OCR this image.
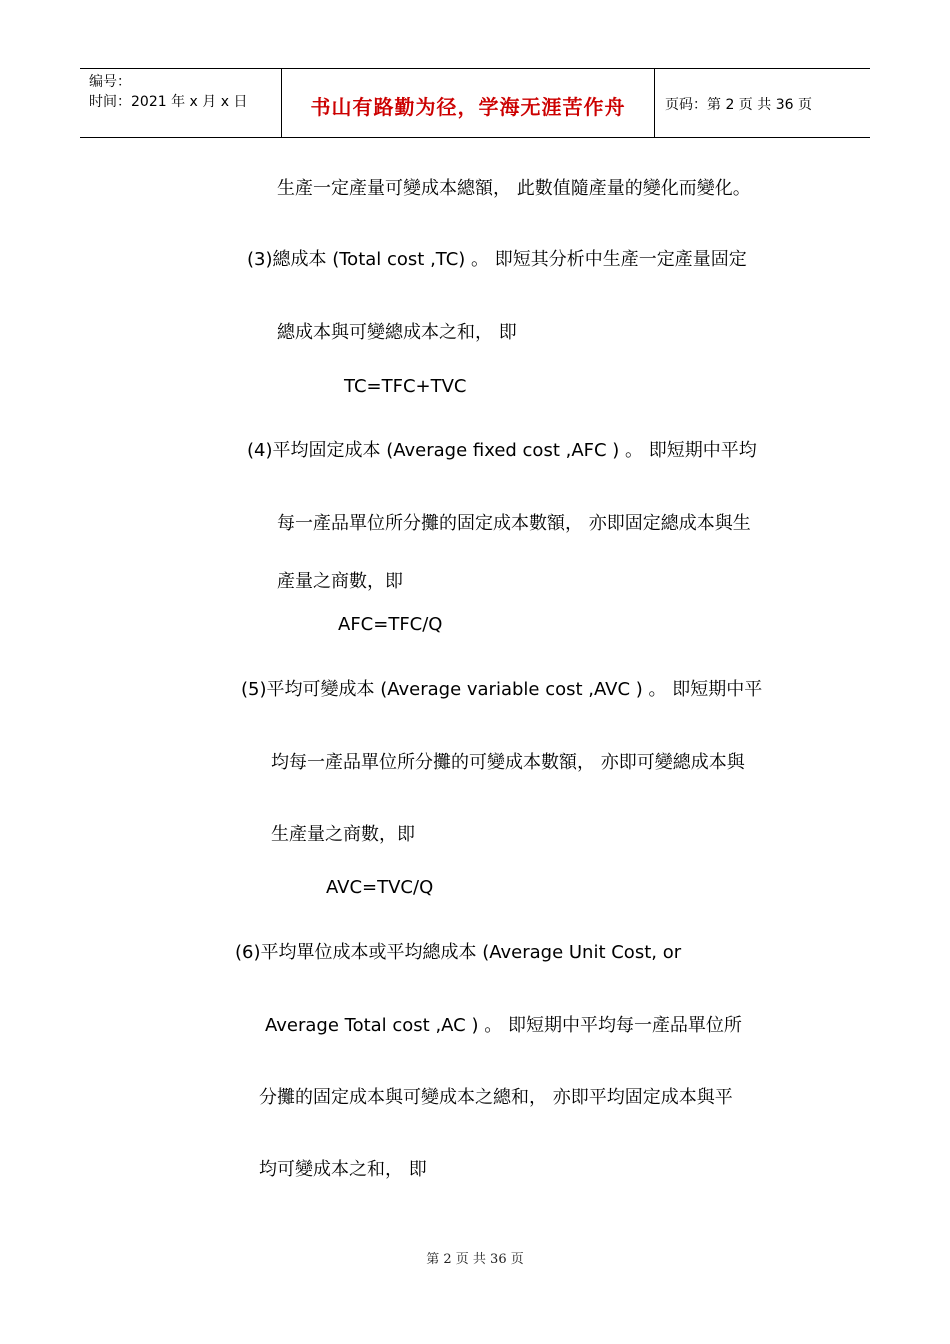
编号：
时间：2021 年 x 月 x 日	书山有路勤为径，学海无涯苦作舟	页码：第 2 页 共 36 页
生產一定產量可變成本總額， 此數值隨產量的變化而變化。
(3)總成本 (Total cost ,TC) 。 即短其分析中生產一定產量固定
總成本與可變總成本之和， 即
TC=TFC+TVC
(4)平均固定成本 (Average fixed cost ,AFC ) 。 即短期中平均
每一產品單位所分攤的固定成本數額， 亦即固定總成本與生
產量之商數，即
AFC=TFC/Q
(5)平均可變成本 (Average variable cost ,AVC ) 。 即短期中平
均每一產品單位所分攤的可變成本數額， 亦即可變總成本與
生產量之商數，即
AVC=TVC/Q
(6)平均單位成本或平均總成本 (Average Unit Cost, or
Average Total cost ,AC ) 。 即短期中平均每一產品單位所
分攤的固定成本與可變成本之總和， 亦即平均固定成本與平
均可變成本之和， 即
第 2 页 共 36 页
